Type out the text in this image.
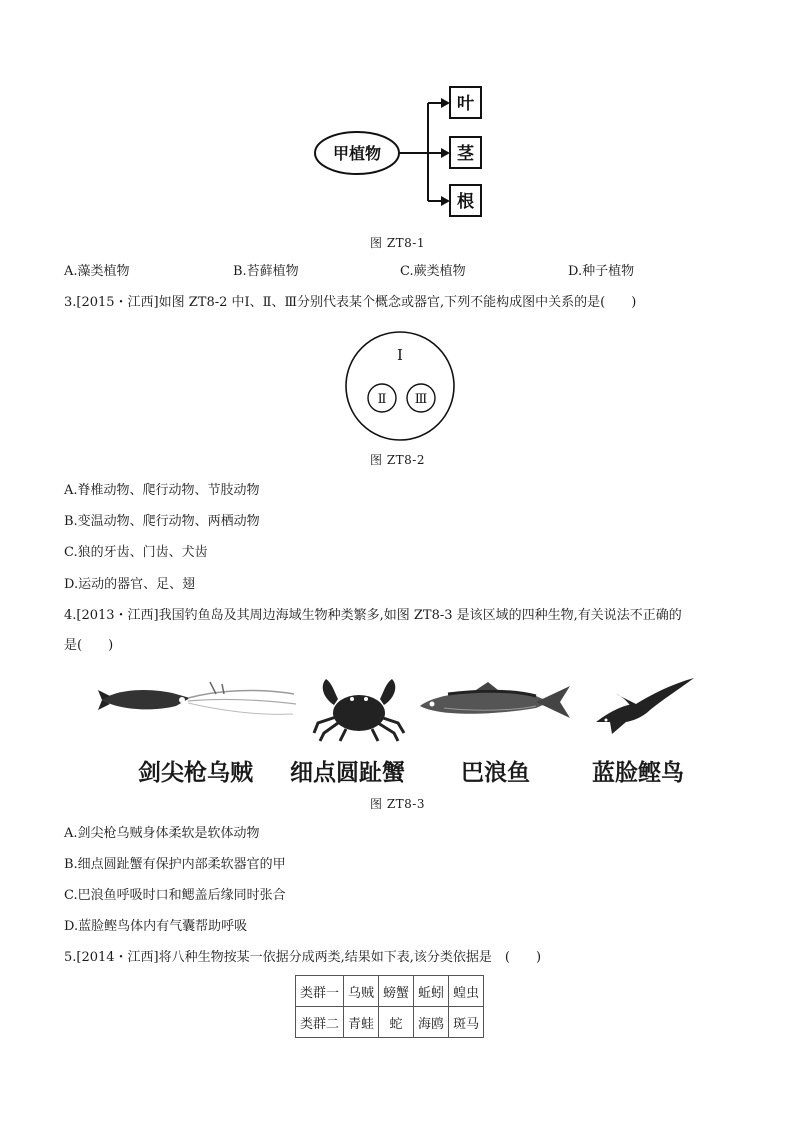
甲植物
叶
茎
根
图 ZT8-1
A.藻类植物	B.苔藓植物	C.蕨类植物	D.种子植物
3.[2015・江西]如图 ZT8-2 中Ⅰ、Ⅱ、Ⅲ分别代表某个概念或器官,下列不能构成图中关系的是(　　)
Ⅰ
Ⅱ Ⅲ
图 ZT8-2
A.脊椎动物、爬行动物、节肢动物
B.变温动物、爬行动物、两栖动物
C.狼的牙齿、门齿、犬齿
D.运动的器官、足、翅
4.[2013・江西]我国钓鱼岛及其周边海域生物种类繁多,如图 ZT8-3 是该区域的四种生物,有关说法不正确的
是(　　)
剑尖枪乌贼 细点圆趾蟹 巴浪鱼	蓝脸鲣鸟
图 ZT8-3
A.剑尖枪乌贼身体柔软是软体动物
B.细点圆趾蟹有保护内部柔软器官的甲
C.巴浪鱼呼吸时口和鳃盖后缘同时张合
D.蓝脸鲣鸟体内有气囊帮助呼吸
5.[2014・江西]将八种生物按某一依据分成两类,结果如下表,该分类依据是　(　　)
类群一	乌贼	螃蟹	蚯蚓	蝗虫
类群二	青蛙	蛇	海鸥	斑马
